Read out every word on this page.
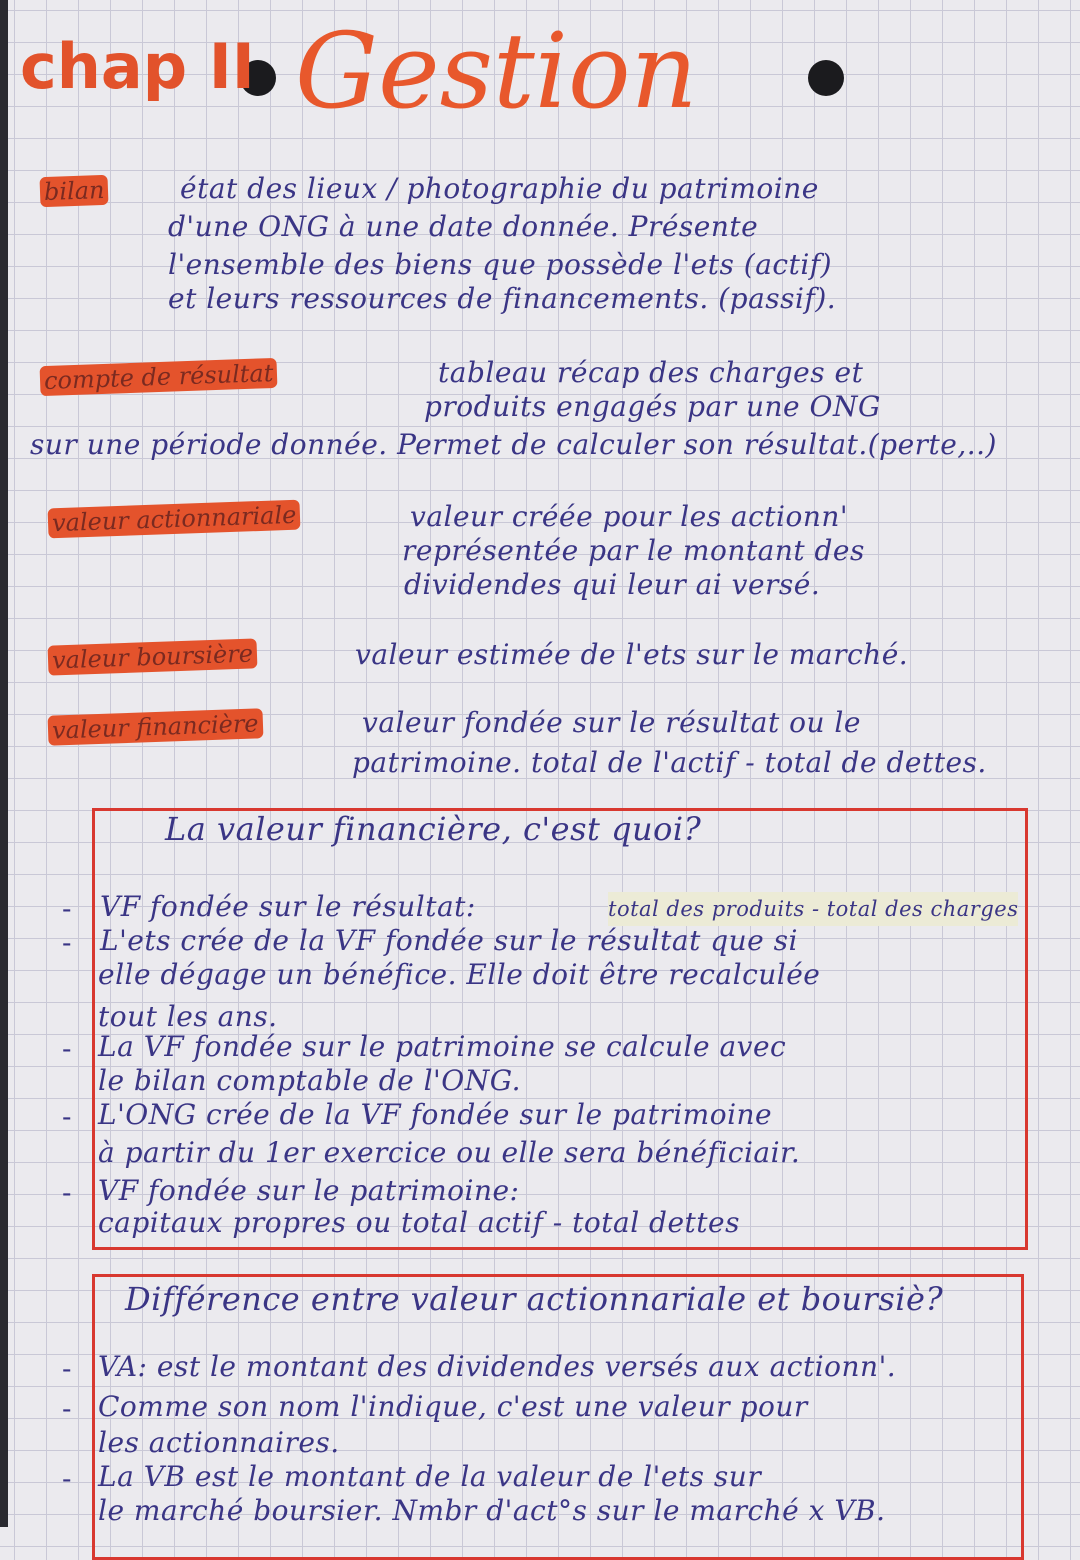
chap II Gestion
bilan	état des lieux / photographie du patrimoine
d'une ONG à une date donnée. Présente
l'ensemble des biens que possède l'ets (actif)
et leurs ressources de financements. (passif).
compte de résultat	tableau récap des charges et
produits engagés par une ONG
sur une période donnée. Permet de calculer son résultat.(perte,..)
valeur actionnariale	valeur créée pour les actionn'
représentée par le montant des
dividendes qui leur ai versé.
valeur boursière	valeur estimée de l'ets sur le marché.
valeur financière	valeur fondée sur le résultat ou le
patrimoine. total de l'actif - total de dettes.
La valeur financière, c'est quoi?
- VF fondée sur le résultat:	total des produits - total des charges
- L'ets crée de la VF fondée sur le résultat que si
elle dégage un bénéfice. Elle doit être recalculée
tout les ans.
- La VF fondée sur le patrimoine se calcule avec
le bilan comptable de l'ONG.
- L'ONG crée de la VF fondée sur le patrimoine
à partir du 1er exercice ou elle sera bénéficiair.
- VF fondée sur le patrimoine:
capitaux propres ou total actif - total dettes
Différence entre valeur actionnariale et boursiè?
- VA: est le montant des dividendes versés aux actionn'.
- Comme son nom l'indique, c'est une valeur pour
les actionnaires.
- La VB est le montant de la valeur de l'ets sur
le marché boursier. Nmbr d'act°s sur le marché x VB.
